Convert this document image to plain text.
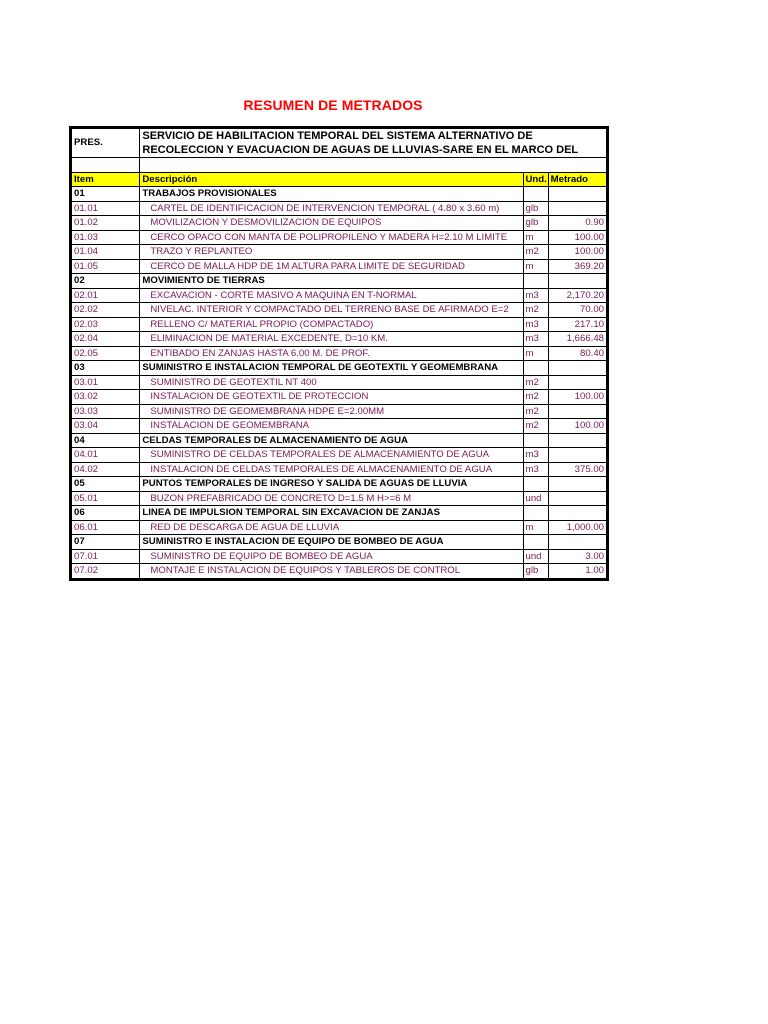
RESUMEN DE METRADOS
PRES.	SERVICIO DE HABILITACION TEMPORAL DEL SISTEMA ALTERNATIVO DE RECOLECCION Y EVACUACION DE AGUAS DE LLUVIAS-SARE EN EL MARCO DEL		

Item	Descripción	Und.	Metrado
01	TRABAJOS PROVISIONALES		
01.01	CARTEL DE IDENTIFICACION DE INTERVENCION TEMPORAL ( 4.80 x 3.60 m)	glb	
01.02	MOVILIZACION Y DESMOVILIZACION DE EQUIPOS	glb	0.90
01.03	CERCO OPACO CON MANTA DE POLIPROPILENO Y MADERA H=2.10 M LIMITE	m	100.00
01.04	TRAZO Y REPLANTEO	m2	100.00
01.05	CERCO DE MALLA HDP DE 1M ALTURA PARA LIMITE DE SEGURIDAD	m	369.20
02	MOVIMIENTO DE TIERRAS		
02.01	EXCAVACION - CORTE MASIVO A MAQUINA EN T-NORMAL	m3	2,170.20
02.02	NIVELAC. INTERIOR Y COMPACTADO DEL TERRENO BASE DE AFIRMADO E=2	m2	70.00
02.03	RELLENO C/ MATERIAL PROPIO (COMPACTADO)	m3	217.10
02.04	ELIMINACION DE MATERIAL EXCEDENTE, D=10 KM.	m3	1,666.48
02.05	ENTIBADO EN ZANJAS HASTA 6.00 M. DE PROF.	m	80.40
03	SUMINISTRO E INSTALACION TEMPORAL DE GEOTEXTIL Y GEOMEMBRANA		
03.01	SUMINISTRO DE GEOTEXTIL NT 400	m2	
03.02	INSTALACION DE GEOTEXTIL DE PROTECCION	m2	100.00
03.03	SUMINISTRO DE GEOMEMBRANA HDPE E=2.00MM	m2	
03.04	INSTALACION DE GEOMEMBRANA	m2	100.00
04	CELDAS TEMPORALES DE ALMACENAMIENTO DE AGUA		
04.01	SUMINISTRO DE CELDAS TEMPORALES DE ALMACENAMIENTO DE AGUA	m3	
04.02	INSTALACION DE CELDAS TEMPORALES DE ALMACENAMIENTO DE AGUA	m3	375.00
05	PUNTOS TEMPORALES DE INGRESO Y SALIDA DE AGUAS DE LLUVIA		
05.01	BUZON PREFABRICADO DE CONCRETO D=1.5 M H>=6 M	und	
06	LINEA DE IMPULSION TEMPORAL SIN EXCAVACION DE ZANJAS		
06.01	RED DE DESCARGA DE AGUA DE LLUVIA	m	1,000.00
07	SUMINISTRO E INSTALACION DE EQUIPO DE BOMBEO DE AGUA		
07.01	SUMINISTRO DE EQUIPO DE BOMBEO DE AGUA	und	3.00
07.02	MONTAJE E INSTALACION DE EQUIPOS Y TABLEROS DE CONTROL	glb	1.00
